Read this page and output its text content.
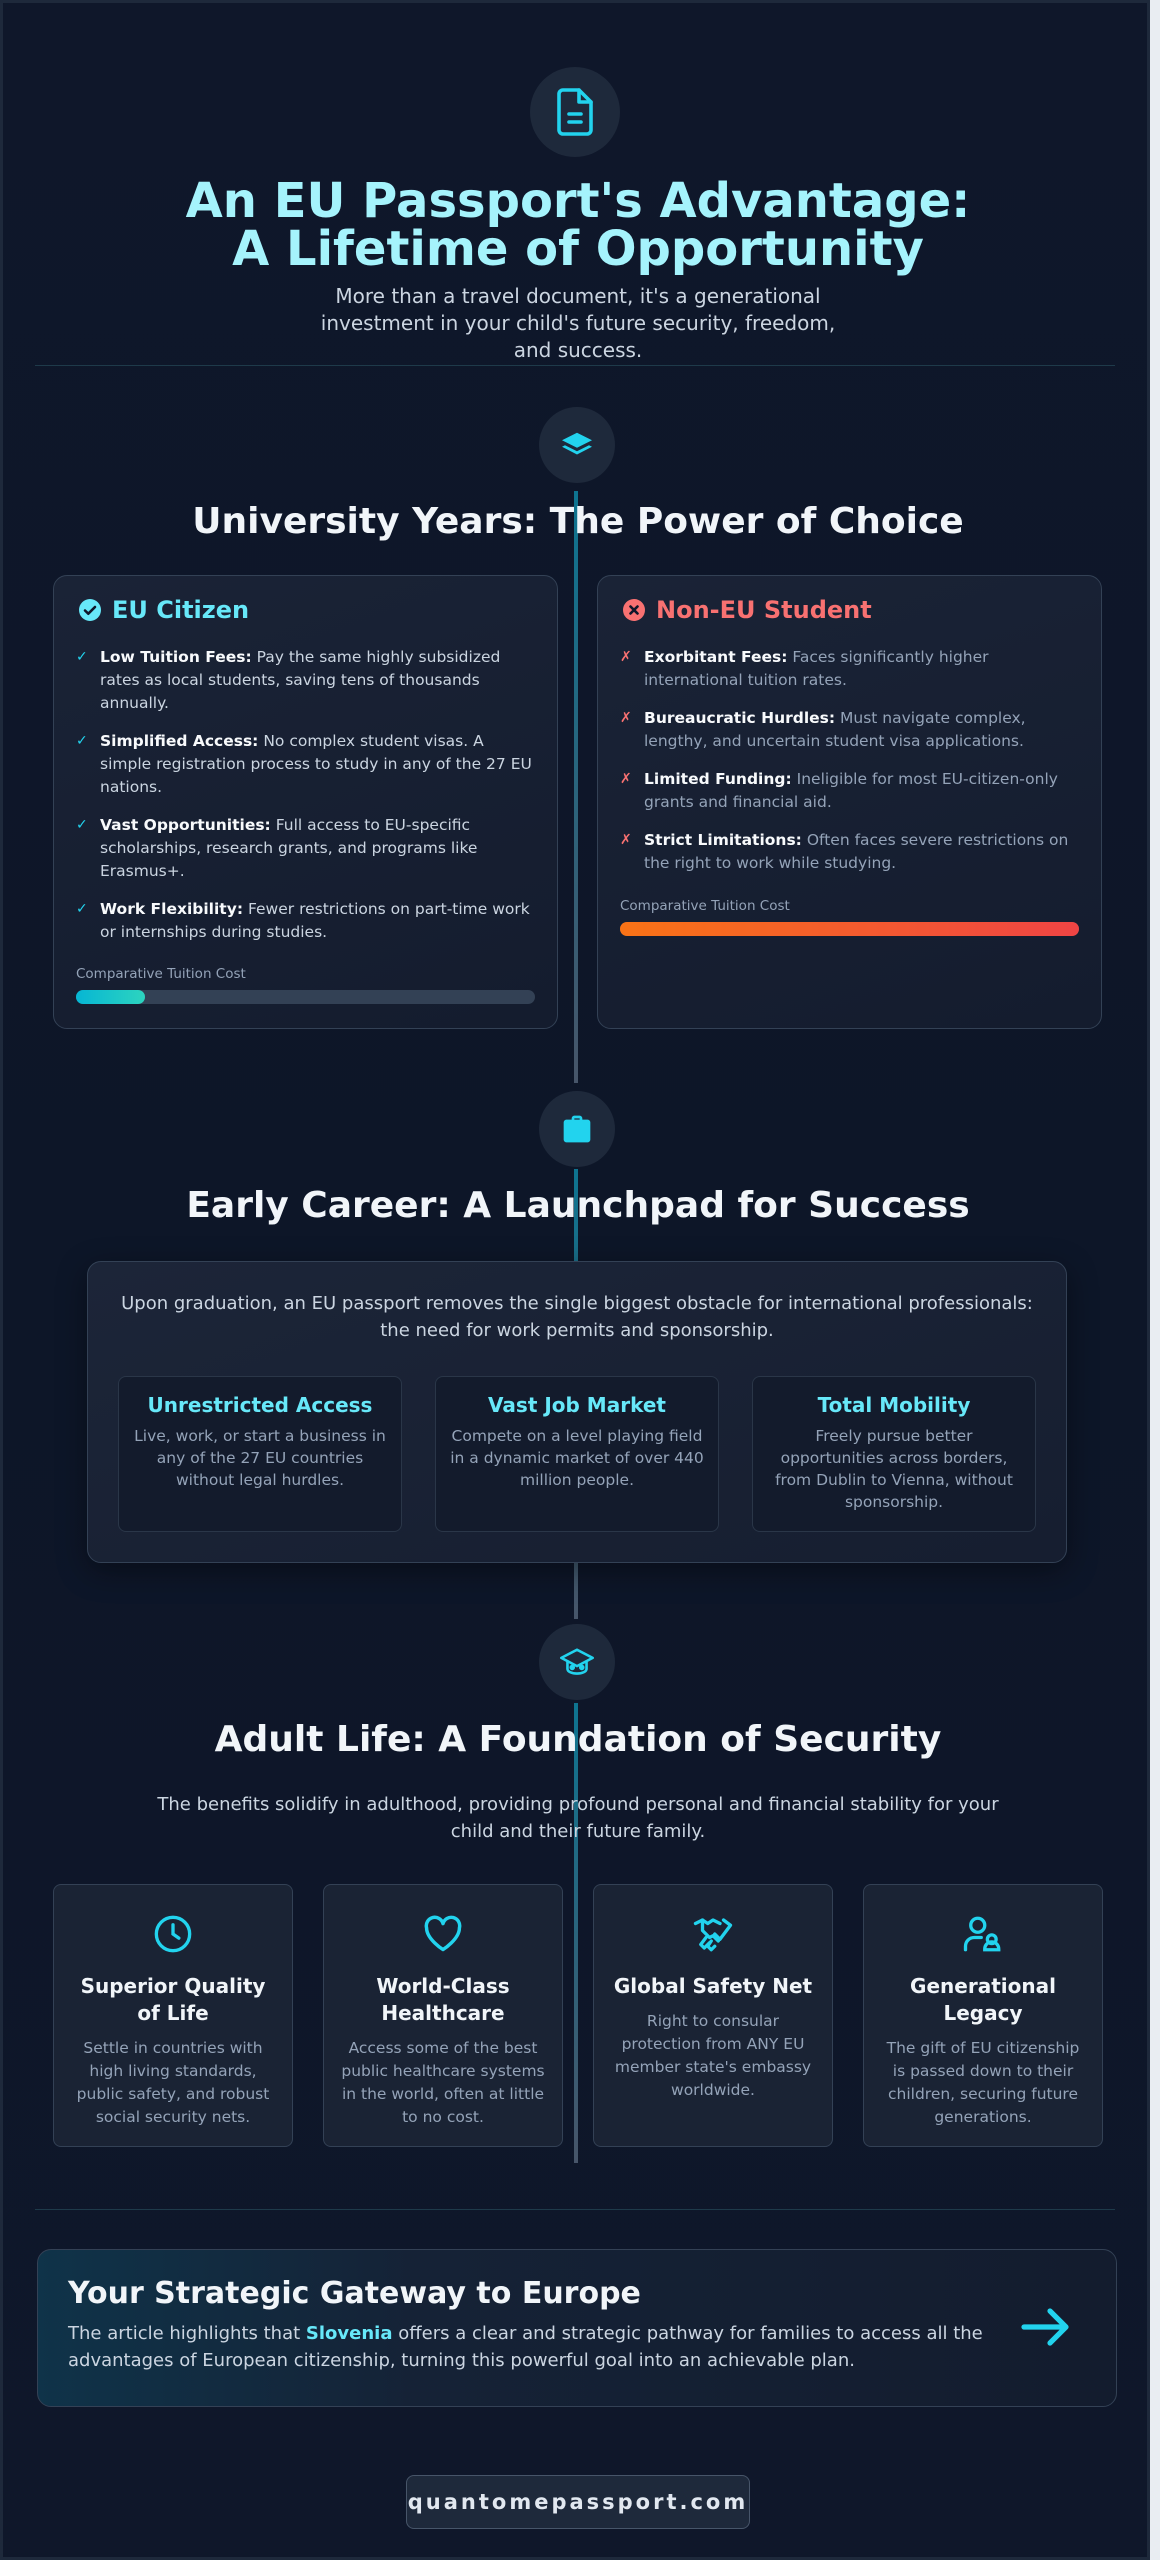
An EU Passport's Advantage: A Lifetime of Opportunity
More than a travel document, it's a generational investment in your child's future security, freedom, and success.
University Years: The Power of Choice
EU Citizen
✓ Low Tuition Fees: Pay the same highly subsidized rates as local students, saving tens of thousands annually.
✓ Simplified Access: No complex student visas. A simple registration process to study in any of the 27 EU nations.
✓ Vast Opportunities: Full access to EU-specific scholarships, research grants, and programs like Erasmus+.
✓ Work Flexibility: Fewer restrictions on part-time work or internships during studies.
Comparative Tuition Cost
Non-EU Student
✗ Exorbitant Fees: Faces significantly higher international tuition rates.
✗ Bureaucratic Hurdles: Must navigate complex, lengthy, and uncertain student visa applications.
✗ Limited Funding: Ineligible for most EU-citizen-only grants and financial aid.
✗ Strict Limitations: Often faces severe restrictions on the right to work while studying.
Comparative Tuition Cost
Early Career: A Launchpad for Success
Upon graduation, an EU passport removes the single biggest obstacle for international professionals: the need for work permits and sponsorship.
Unrestricted Access
Live, work, or start a business in any of the 27 EU countries without legal hurdles.
Vast Job Market
Compete on a level playing field in a dynamic market of over 440 million people.
Total Mobility
Freely pursue better opportunities across borders, from Dublin to Vienna, without sponsorship.
Adult Life: A Foundation of Security
The benefits solidify in adulthood, providing profound personal and financial stability for your child and their future family.
Superior Quality of Life
Settle in countries with high living standards, public safety, and robust social security nets.
World-Class Healthcare
Access some of the best public healthcare systems in the world, often at little to no cost.
Global Safety Net
Right to consular protection from ANY EU member state's embassy worldwide.
Generational Legacy
The gift of EU citizenship is passed down to their children, securing future generations.
Your Strategic Gateway to Europe
The article highlights that Slovenia offers a clear and strategic pathway for families to access all the advantages of European citizenship, turning this powerful goal into an achievable plan.
quantomepassport.com
